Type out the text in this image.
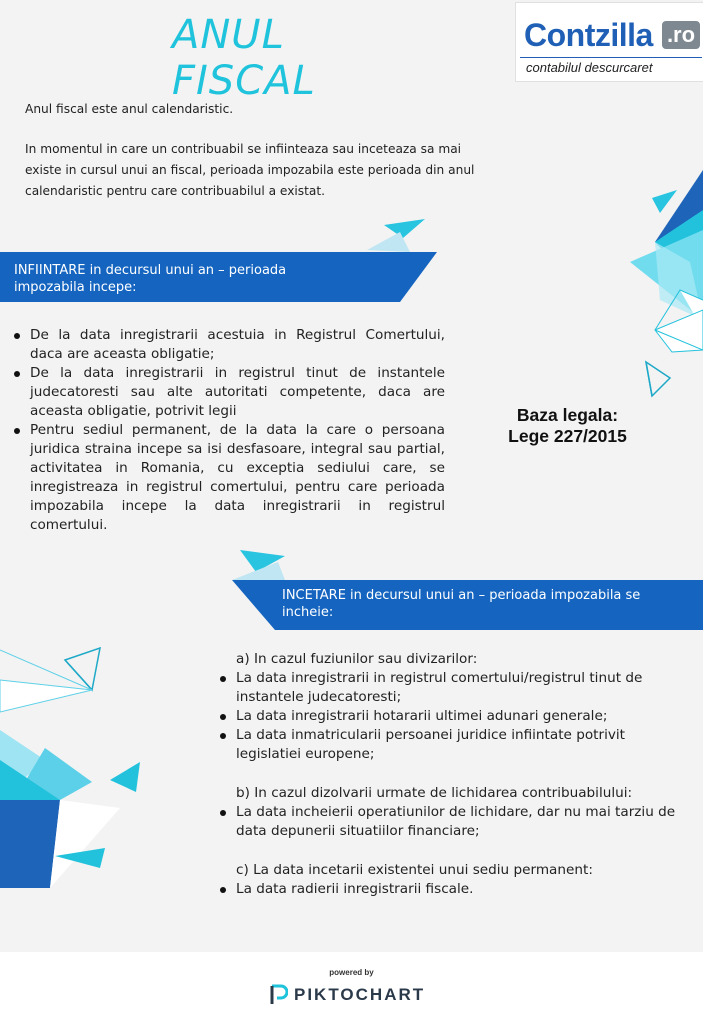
ANUL FISCAL
Contzilla .ro
contabilul descurcaret
Anul fiscal este anul calendaristic.
In momentul in care un contribuabil se infiinteaza sau inceteaza sa mai existe in cursul unui an fiscal, perioada impozabila este perioada din anul calendaristic pentru care contribuabilul a existat.
INFIINTARE in decursul unui an – perioada impozabila incepe:
De la data inregistrarii acestuia in Registrul Comertului, daca are aceasta obligatie;
De la data inregistrarii in registrul tinut de instantele judecatoresti sau alte autoritati competente, daca are aceasta obligatie, potrivit legii
Pentru sediul permanent, de la data la care o persoana juridica straina incepe sa isi desfasoare, integral sau partial, activitatea in Romania, cu exceptia sediului care, se inregistreaza in registrul comertului, pentru care perioada impozabila incepe la data inregistrarii in registrul comertului.
Baza legala:
Lege 227/2015
INCETARE in decursul unui an – perioada impozabila se incheie:
a) In cazul fuziunilor sau divizarilor:
La data inregistrarii in registrul comertului/registrul tinut de instantele judecatoresti;
La data inregistrarii hotararii ultimei adunari generale;
La data inmatricularii persoanei juridice infiintate potrivit legislatiei europene;
b) In cazul dizolvarii urmate de lichidarea contribuabilului:
La data incheierii operatiunilor de lichidare, dar nu mai tarziu de data depunerii situatiilor financiare;
c) La data incetarii existentei unui sediu permanent:
La data radierii inregistrarii fiscale.
powered by
PIKTOCHART
